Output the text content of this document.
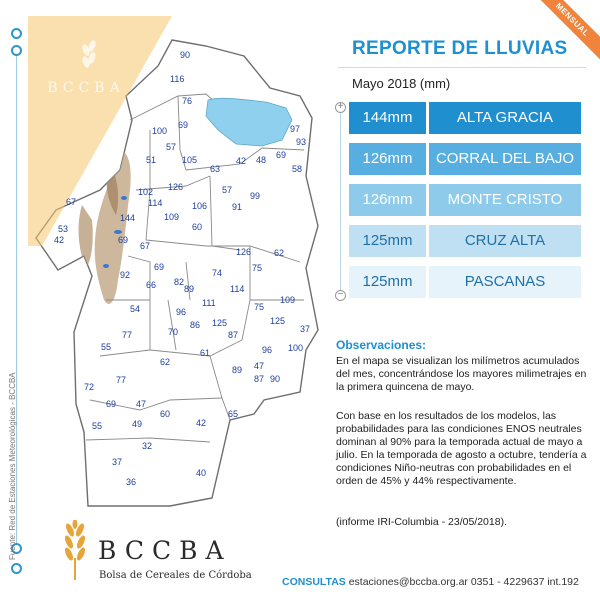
Fuente: Red de Estaciones Meteorológicas - BCCBA
MENSUAL
BCCBA
90
116
76
100
69
57
51	105
63
42 48 69
97
93
58
126
102
114
57
99
91
106
109
60
67
144
53
42	69
67
92
126	62
69
66 82
74	75
89	114
111
96	75
109
54
86 125
87
125
37
77	70
96 100
61
55
62
72
77
89 47
87 90
69 47
60
55	49
65
32
42
40
37
36
REPORTE DE LLUVIAS
Mayo 2018 (mm)
+
−
144mm	ALTA GRACIA
126mm	CORRAL DEL BAJO
126mm	MONTE CRISTO
125mm	CRUZ ALTA
125mm	PASCANAS
Observaciones:
En el mapa se visualizan los milímetros acumulados del mes, concentrándose los mayores milimetrajes en la primera quincena de mayo.
Con base en los resultados de los modelos, las probabilidades para las condiciones ENOS neutrales dominan al 90% para la temporada actual de mayo a julio. En la temporada de agosto a octubre, tendería a condiciones Niño-neutras con probabilidades en el orden de 45% y 44% respectivamente.
(informe IRI-Columbia - 23/05/2018).
BCCBA
Bolsa de Cereales de Córdoba
CONSULTAS estaciones@bccba.org.ar 0351 - 4229637 int.192
